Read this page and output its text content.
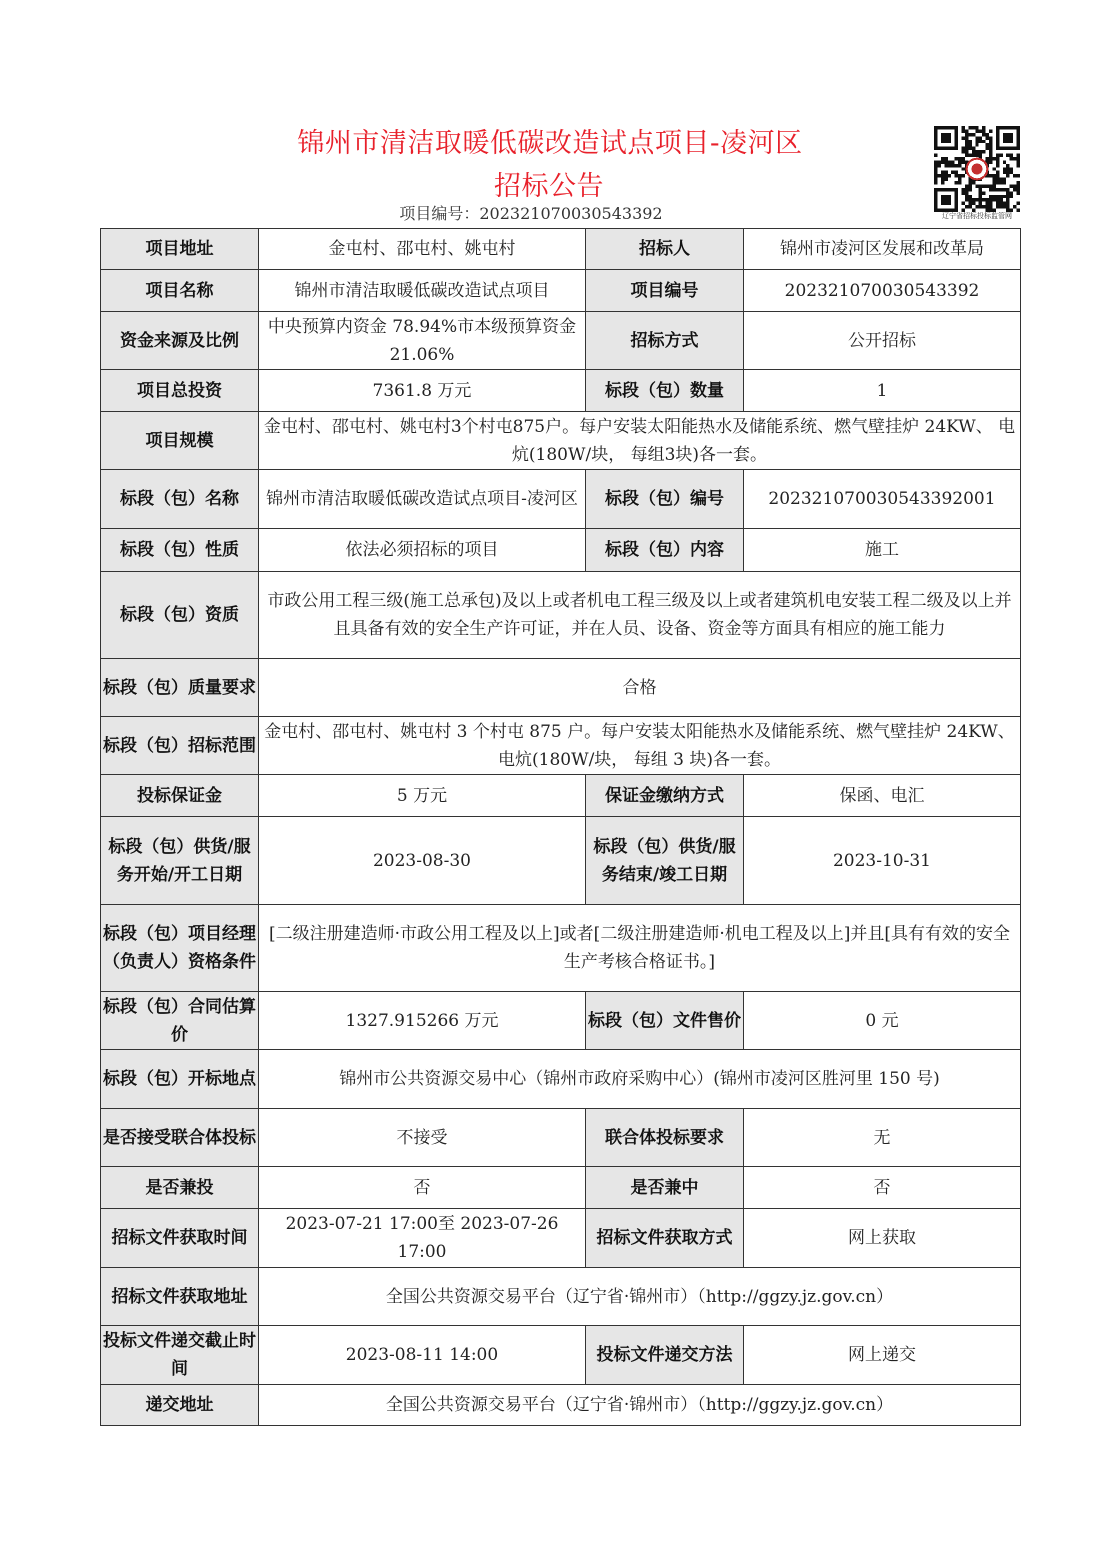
锦州市清洁取暖低碳改造试点项目-凌河区
招标公告
项目编号：202321070030543392	辽宁省招标投标监管网
项目地址	金屯村、邵屯村、姚屯村	招标人	锦州市凌河区发展和改革局
项目名称	锦州市清洁取暖低碳改造试点项目	项目编号	202321070030543392
资金来源及比例	中央预算内资金 78.94%市本级预算资金 21.06%	招标方式	公开招标
项目总投资	7361.8 万元	标段（包）数量	1
项目规模	金屯村、邵屯村、姚屯村3个村屯875户。每户安装太阳能热水及储能系统、燃气壁挂炉 24KW、 电炕(180W/块， 每组3块)各一套。		
标段（包）名称	锦州市清洁取暖低碳改造试点项目-凌河区	标段（包）编号	202321070030543392001
标段（包）性质	依法必须招标的项目	标段（包）内容	施工
标段（包）资质	市政公用工程三级(施工总承包)及以上或者机电工程三级及以上或者建筑机电安装工程二级及以上并且具备有效的安全生产许可证，并在人员、设备、资金等方面具有相应的施工能力		
标段（包）质量要求	合格		
标段（包）招标范围	金屯村、邵屯村、姚屯村 3 个村屯 875 户。每户安装太阳能热水及储能系统、燃气壁挂炉 24KW、 电炕(180W/块， 每组 3 块)各一套。		
投标保证金	5 万元	保证金缴纳方式	保函、电汇
标段（包）供货/服务开始/开工日期	2023-08-30	标段（包）供货/服务结束/竣工日期	2023-10-31
标段（包）项目经理（负责人）资格条件	[二级注册建造师·市政公用工程及以上]或者[二级注册建造师·机电工程及以上]并且[具有有效的安全生产考核合格证书。]		
标段（包）合同估算价	1327.915266 万元	标段（包）文件售价	0 元
标段（包）开标地点	锦州市公共资源交易中心（锦州市政府采购中心）(锦州市凌河区胜河里 150 号)		
是否接受联合体投标	不接受	联合体投标要求	无
是否兼投	否	是否兼中	否
招标文件获取时间	2023-07-21 17:00至 2023-07-26 17:00	招标文件获取方式	网上获取
招标文件获取地址	全国公共资源交易平台（辽宁省·锦州市）（http://ggzy.jz.gov.cn）		
投标文件递交截止时间	2023-08-11 14:00	投标文件递交方法	网上递交
递交地址	全国公共资源交易平台（辽宁省·锦州市）（http://ggzy.jz.gov.cn）		
